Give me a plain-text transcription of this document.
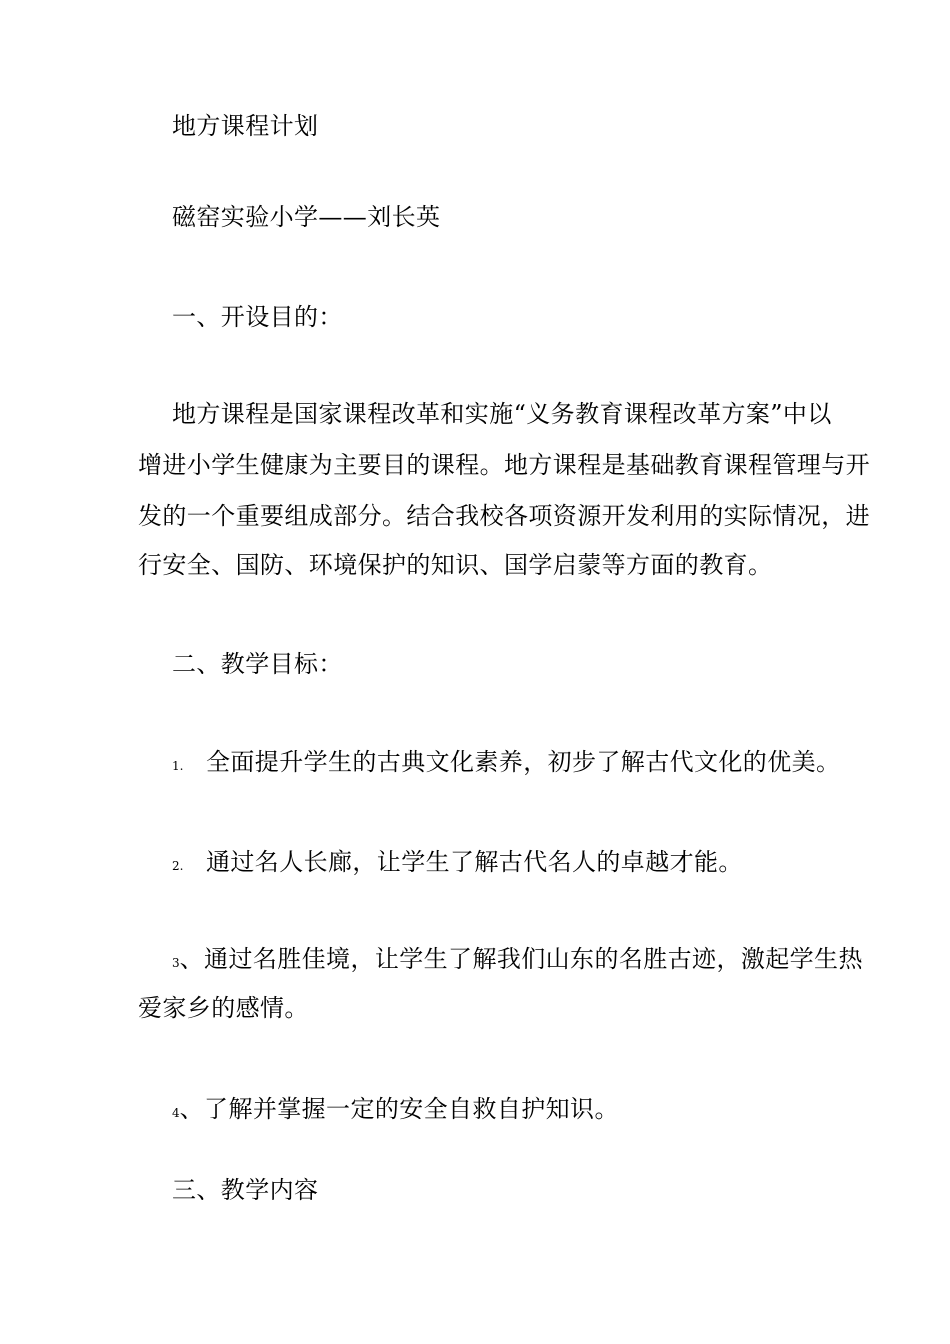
地方课程计划
磁窑实验小学——刘长英
一、开设目的：
地方课程是国家课程改革和实施“义务教育课程改革方案”中以
增进小学生健康为主要目的课程。地方课程是基础教育课程管理与开
发的一个重要组成部分。结合我校各项资源开发利用的实际情况，进
行安全、国防、环境保护的知识、国学启蒙等方面的教育。
二、教学目标：
1. 全面提升学生的古典文化素养，初步了解古代文化的优美。
2. 通过名人长廊，让学生了解古代名人的卓越才能。
3、通过名胜佳境，让学生了解我们山东的名胜古迹，激起学生热
爱家乡的感情。
4、了解并掌握一定的安全自救自护知识。
三、教学内容
